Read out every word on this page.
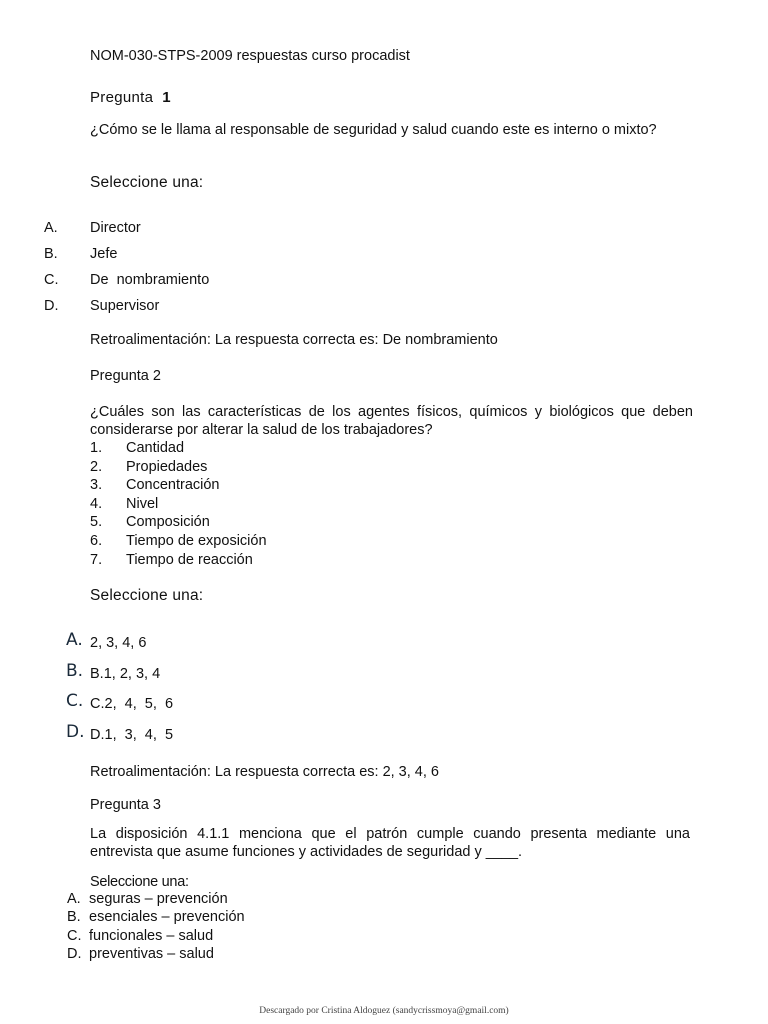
NOM-030-STPS-2009 respuestas curso procadist
Pregunta 1
¿Cómo se le llama al responsable de seguridad y salud cuando este es interno o mixto?
Seleccione una:
A. Director
B. Jefe
C. De  nombramiento
D. Supervisor
Retroalimentación: La respuesta correcta es: De nombramiento
Pregunta 2
¿Cuáles son las características de los agentes físicos, químicos y biológicos que deben considerarse por alterar la salud de los trabajadores?
1. Cantidad
2. Propiedades
3. Concentración
4. Nivel
5. Composición
6. Tiempo de exposición
7. Tiempo de reacción
Seleccione una:
A. 2, 3, 4, 6
B. B.1, 2, 3, 4
C. C.2,  4,  5,  6
D. D.1,  3,  4,  5
Retroalimentación: La respuesta correcta es: 2, 3, 4, 6
Pregunta 3
La disposición 4.1.1 menciona que el patrón cumple cuando presenta mediante una entrevista que asume funciones y actividades de seguridad y ____.
Seleccione una:
A. seguras – prevención
B. esenciales – prevención
C. funcionales – salud
D. preventivas – salud
Descargado por Cristina Aldoguez (sandycrissmoya@gmail.com)
